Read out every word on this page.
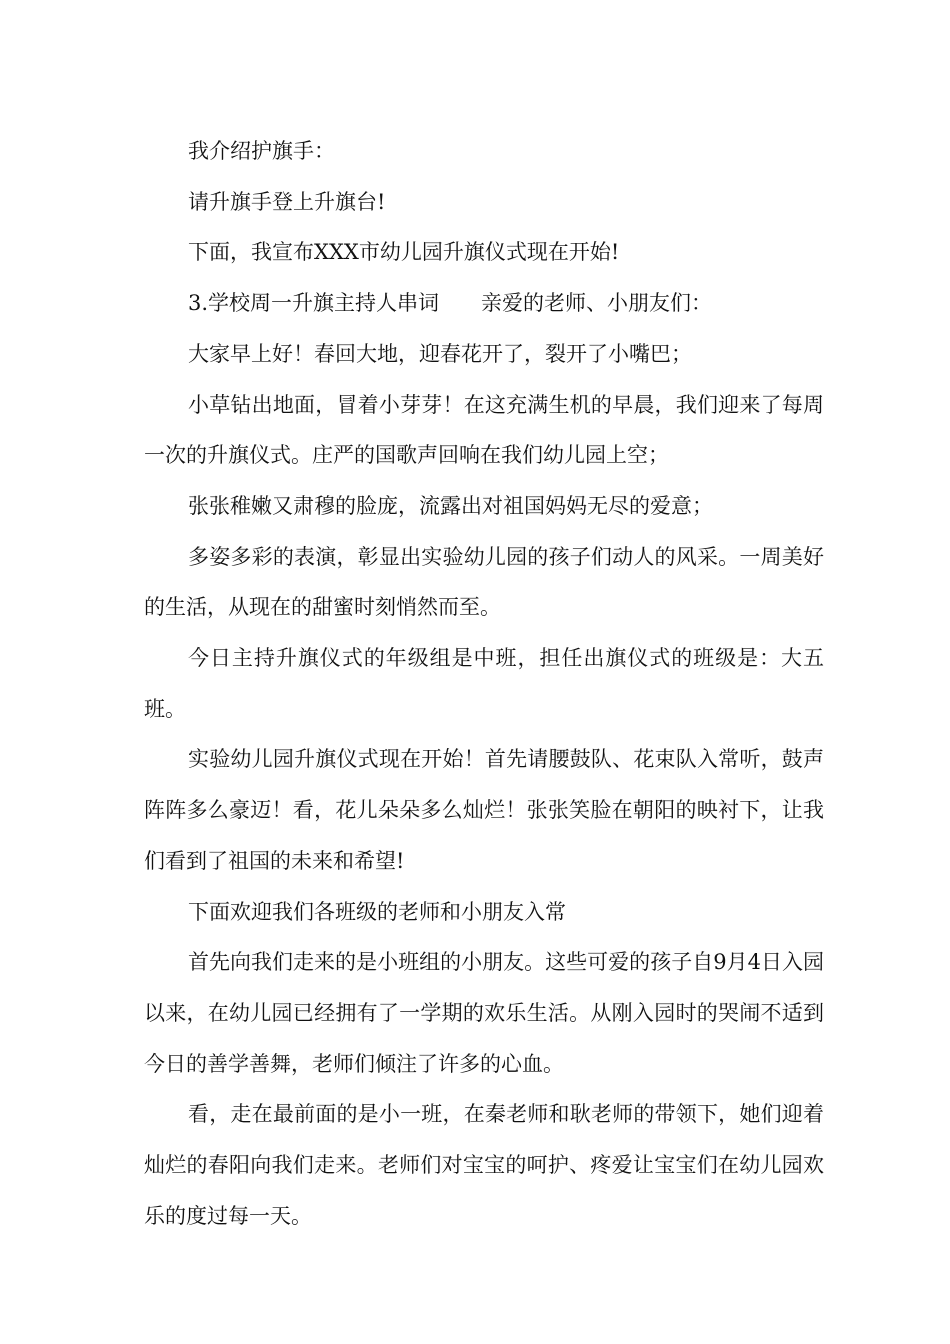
我介绍护旗手：

请升旗手登上升旗台!

下面，我宣布XXX市幼儿园升旗仪式现在开始!

3.学校周一升旗主持人串词　　亲爱的老师、小朋友们：

大家早上好！春回大地，迎春花开了，裂开了小嘴巴；

小草钻出地面，冒着小芽芽！在这充满生机的早晨，我们迎来了每周一次的升旗仪式。庄严的国歌声回响在我们幼儿园上空；

张张稚嫩又肃穆的脸庞，流露出对祖国妈妈无尽的爱意；

多姿多彩的表演，彰显出实验幼儿园的孩子们动人的风采。一周美好的生活，从现在的甜蜜时刻悄然而至。

今日主持升旗仪式的年级组是中班，担任出旗仪式的班级是：大五班。

实验幼儿园升旗仪式现在开始！首先请腰鼓队、花束队入常听，鼓声阵阵多么豪迈！看，花儿朵朵多么灿烂！张张笑脸在朝阳的映衬下，让我们看到了祖国的未来和希望!

下面欢迎我们各班级的老师和小朋友入常

首先向我们走来的是小班组的小朋友。这些可爱的孩子自9月4日入园以来，在幼儿园已经拥有了一学期的欢乐生活。从刚入园时的哭闹不适到今日的善学善舞，老师们倾注了许多的心血。

看，走在最前面的是小一班，在秦老师和耿老师的带领下，她们迎着灿烂的春阳向我们走来。老师们对宝宝的呵护、疼爱让宝宝们在幼儿园欢乐的度过每一天。
